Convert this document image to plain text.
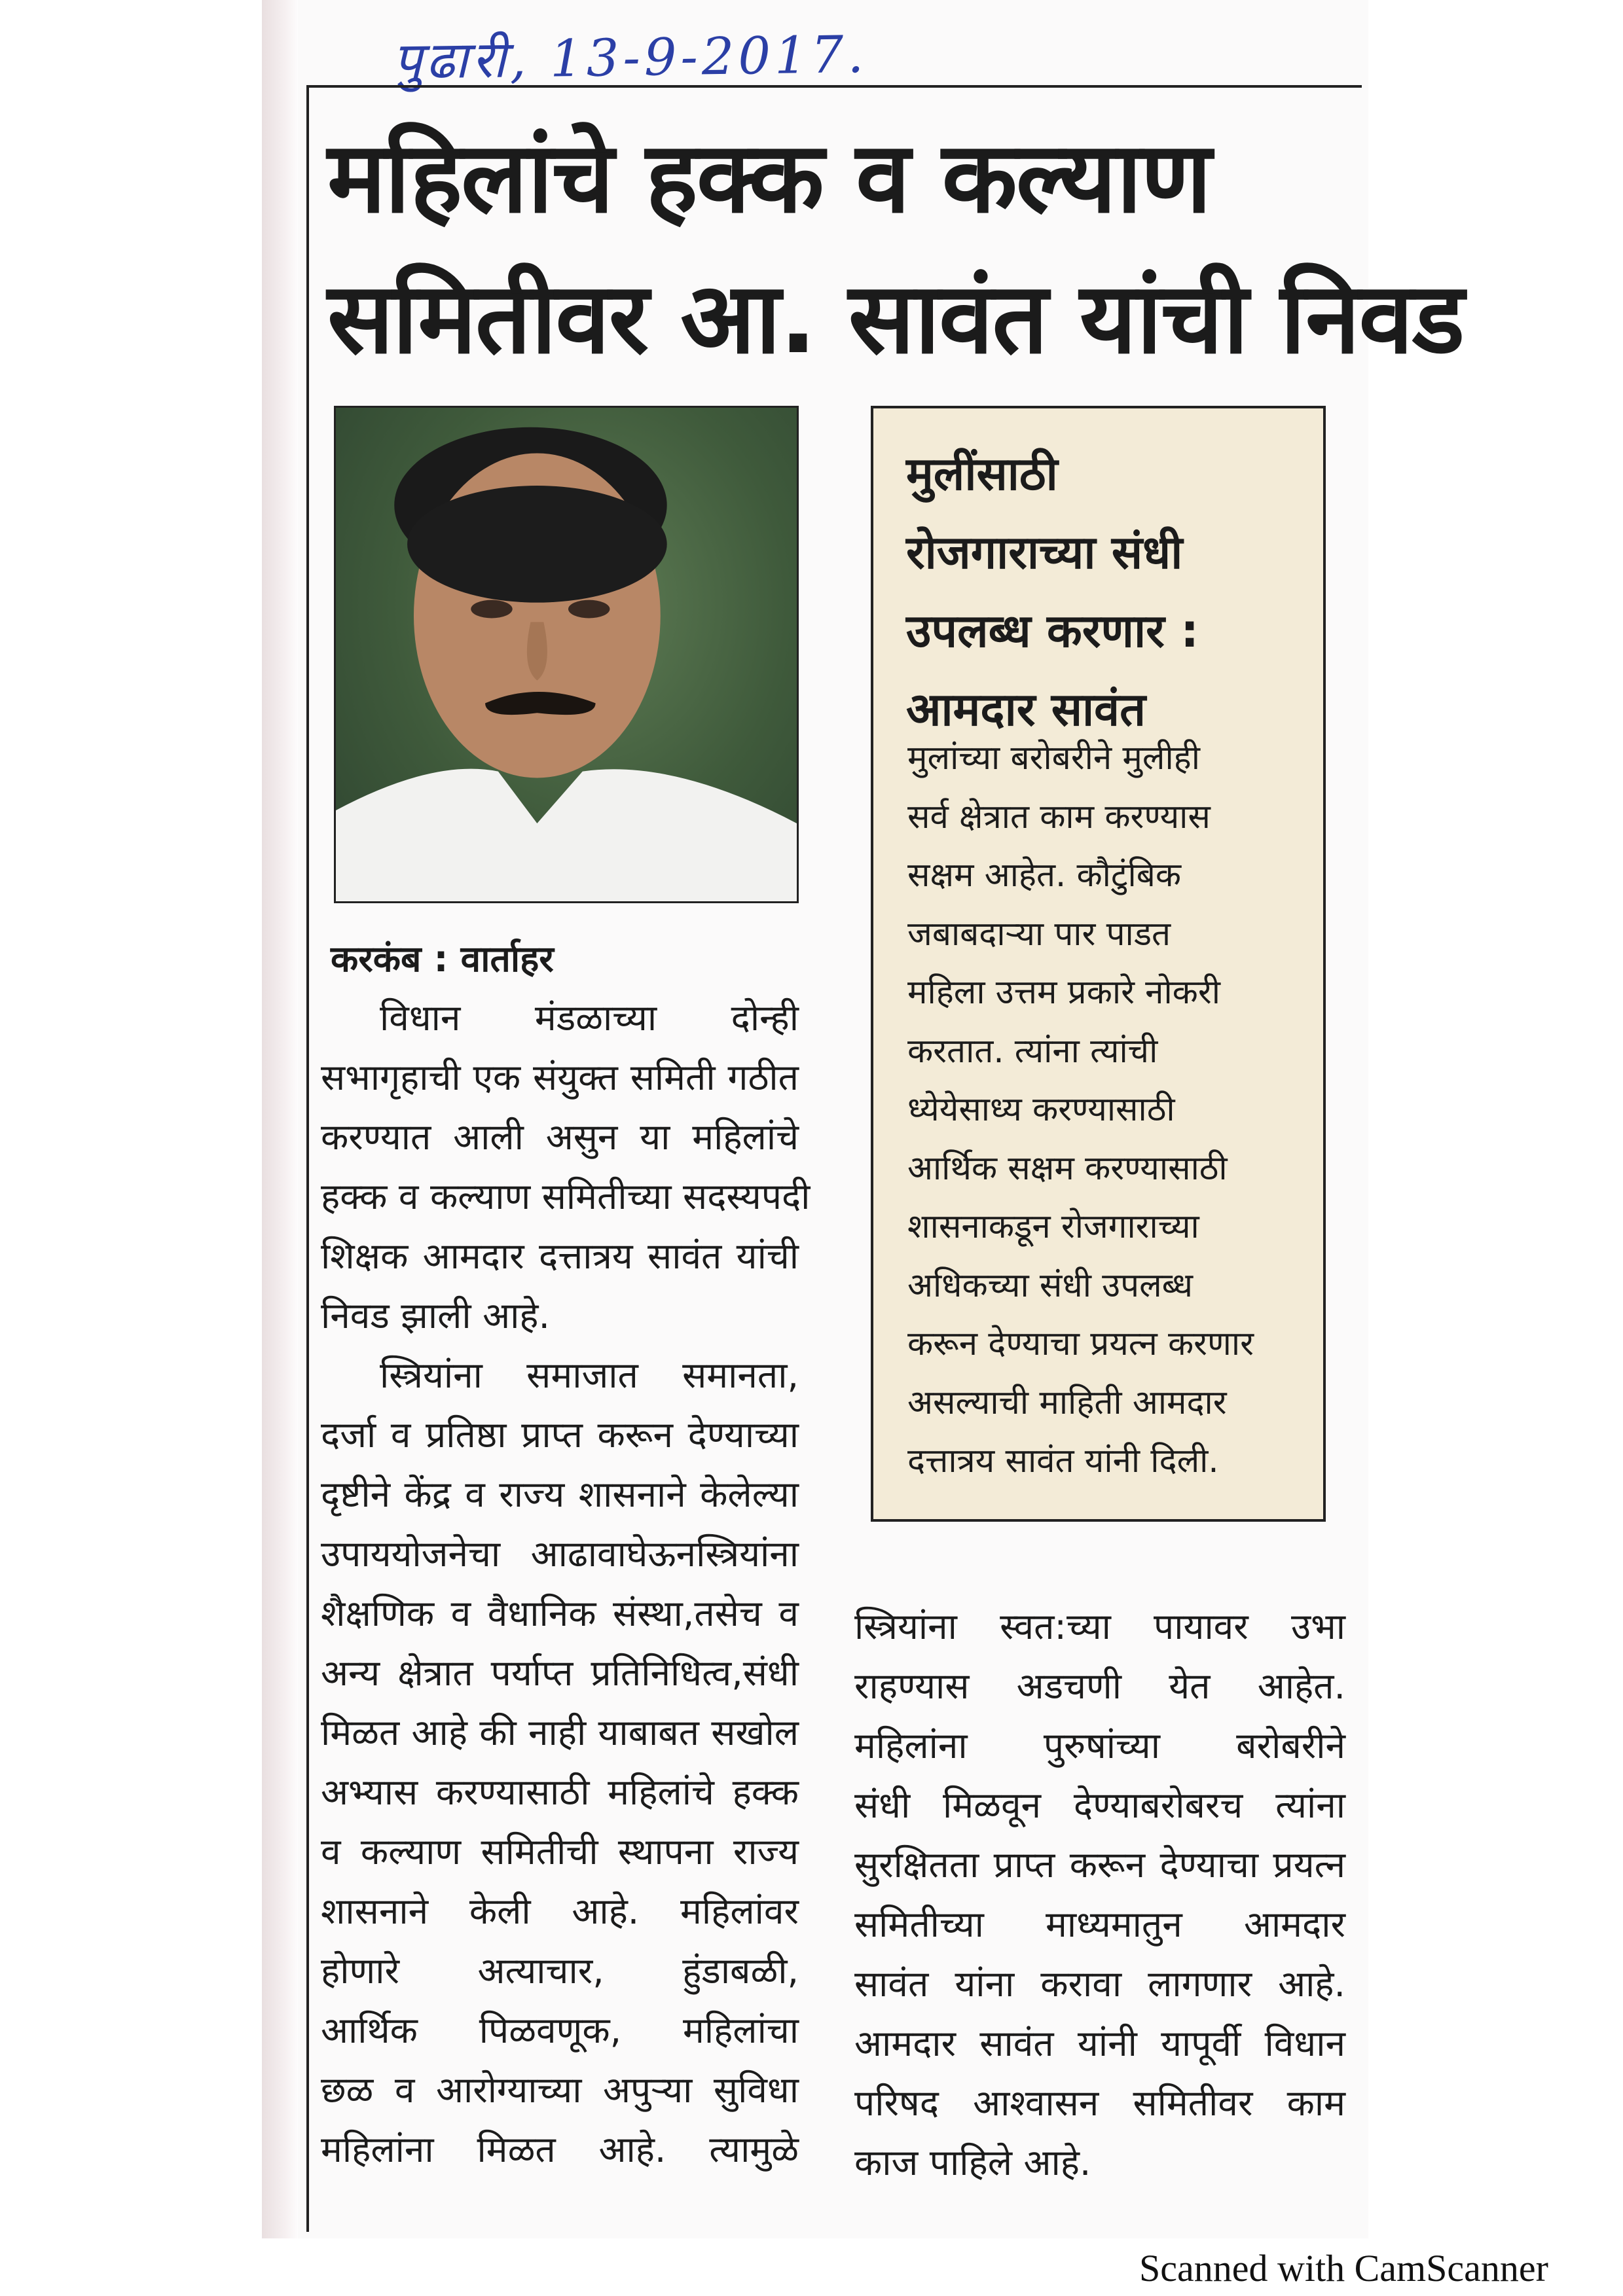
पुढारी, 13-9-2017.
महिलांचे हक्क व कल्याण
समितीवर आ. सावंत यांची निवड
मुलींसाठी
रोजगाराच्या संधी
उपलब्ध करणार :
आमदार सावंत

मुलांच्या बरोबरीने मुलीही
सर्व क्षेत्रात काम करण्यास
सक्षम आहेत. कौटुंबिक
जबाबदाऱ्या पार पाडत
महिला उत्तम प्रकारे नोकरी
करतात. त्यांना त्यांची
ध्येयेसाध्य करण्यासाठी
आर्थिक सक्षम करण्यासाठी
शासनाकडून रोजगाराच्या
अधिकच्या संधी उपलब्ध
करून देण्याचा प्रयत्न करणार
असल्याची माहिती आमदार
दत्तात्रय सावंत यांनी दिली.

करकंब : वार्ताहर

विधान मंडळाच्या दोन्ही
सभागृहाची एक संयुक्त समिती गठीत
करण्यात आली असुन या महिलांचे
हक्क व कल्याण समितीच्या सदस्यपदी
शिक्षक आमदार दत्तात्रय सावंत यांची
निवड झाली आहे.
स्त्रियांना समाजात समानता,
दर्जा व प्रतिष्ठा प्राप्त करून देण्याच्या
दृष्टीने केंद्र व राज्य शासनाने केलेल्या
उपाययोजनेचा आढावाघेऊनस्त्रियांना
शैक्षणिक व वैधानिक संस्था,तसेच व
अन्य क्षेत्रात पर्याप्त प्रतिनिधित्व,संधी
मिळत आहे की नाही याबाबत सखोल
अभ्यास करण्यासाठी महिलांचे हक्क
व कल्याण समितीची स्थापना राज्य
शासनाने केली आहे. महिलांवर
होणारे अत्याचार, हुंडाबळी,
आर्थिक पिळवणूक, महिलांचा
छळ व आरोग्याच्या अपुऱ्या सुविधा
महिलांना मिळत आहे. त्यामुळे
स्त्रियांना स्वत:च्या पायावर उभा
राहण्यास अडचणी येत आहेत.
महिलांना पुरुषांच्या बरोबरीने
संधी मिळवून देण्याबरोबरच त्यांना
सुरक्षितता प्राप्त करून देण्याचा प्रयत्न
समितीच्या माध्यमातुन आमदार
सावंत यांना करावा लागणार आहे.
आमदार सावंत यांनी यापूर्वी विधान
परिषद आश्वासन समितीवर काम
काज पाहिले आहे.

Scanned with CamScanner
